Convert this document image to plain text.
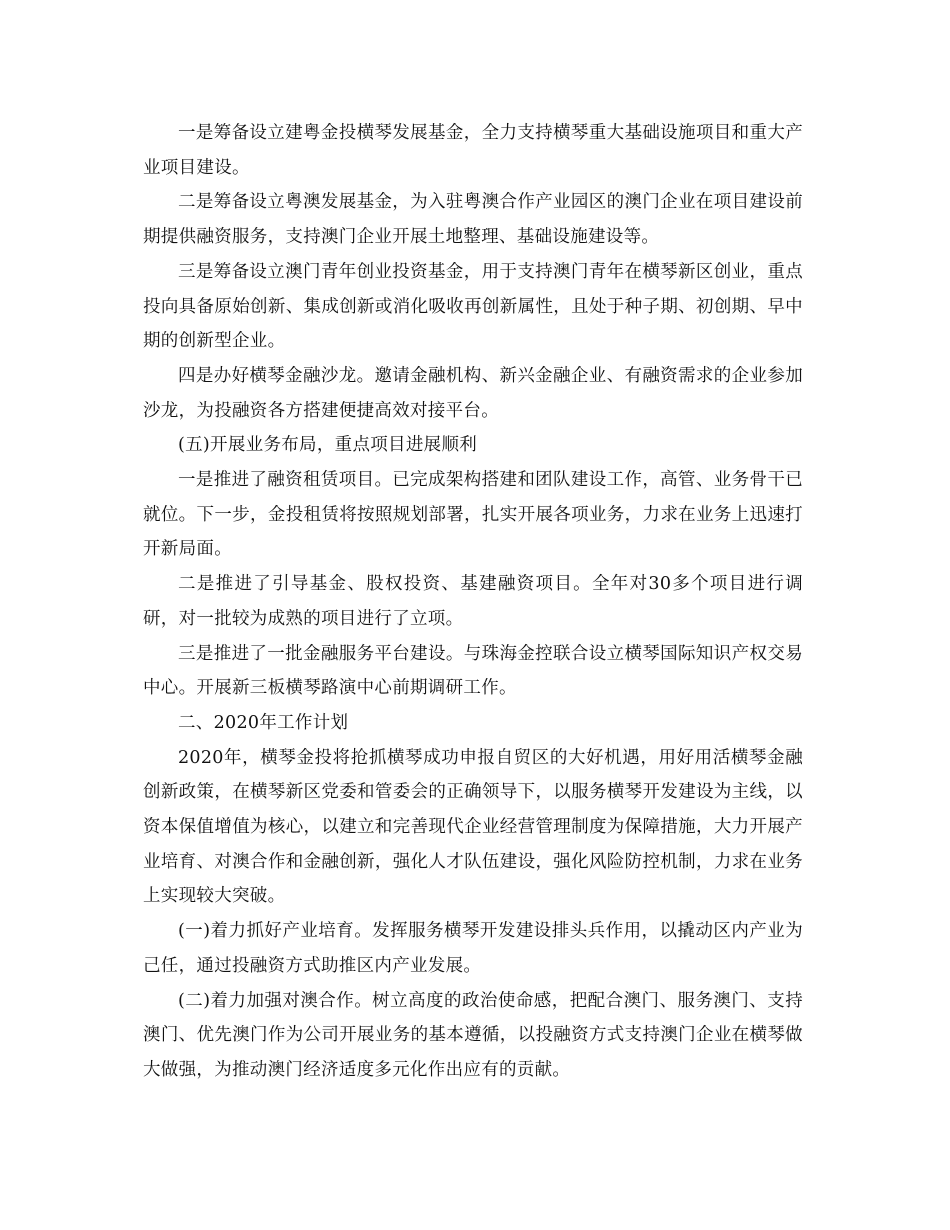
一是筹备设立建粤金投横琴发展基金，全力支持横琴重大基础设施项目和重大产业项目建设。

二是筹备设立粤澳发展基金，为入驻粤澳合作产业园区的澳门企业在项目建设前期提供融资服务，支持澳门企业开展土地整理、基础设施建设等。

三是筹备设立澳门青年创业投资基金，用于支持澳门青年在横琴新区创业，重点投向具备原始创新、集成创新或消化吸收再创新属性，且处于种子期、初创期、早中期的创新型企业。

四是办好横琴金融沙龙。邀请金融机构、新兴金融企业、有融资需求的企业参加沙龙，为投融资各方搭建便捷高效对接平台。

(五)开展业务布局，重点项目进展顺利

一是推进了融资租赁项目。已完成架构搭建和团队建设工作，高管、业务骨干已就位。下一步，金投租赁将按照规划部署，扎实开展各项业务，力求在业务上迅速打开新局面。

二是推进了引导基金、股权投资、基建融资项目。全年对30多个项目进行调研，对一批较为成熟的项目进行了立项。

三是推进了一批金融服务平台建设。与珠海金控联合设立横琴国际知识产权交易中心。开展新三板横琴路演中心前期调研工作。

二、2020年工作计划

2020年，横琴金投将抢抓横琴成功申报自贸区的大好机遇，用好用活横琴金融创新政策，在横琴新区党委和管委会的正确领导下，以服务横琴开发建设为主线，以资本保值增值为核心，以建立和完善现代企业经营管理制度为保障措施，大力开展产业培育、对澳合作和金融创新，强化人才队伍建设，强化风险防控机制，力求在业务上实现较大突破。

(一)着力抓好产业培育。发挥服务横琴开发建设排头兵作用，以撬动区内产业为己任，通过投融资方式助推区内产业发展。

(二)着力加强对澳合作。树立高度的政治使命感，把配合澳门、服务澳门、支持澳门、优先澳门作为公司开展业务的基本遵循，以投融资方式支持澳门企业在横琴做大做强，为推动澳门经济适度多元化作出应有的贡献。
